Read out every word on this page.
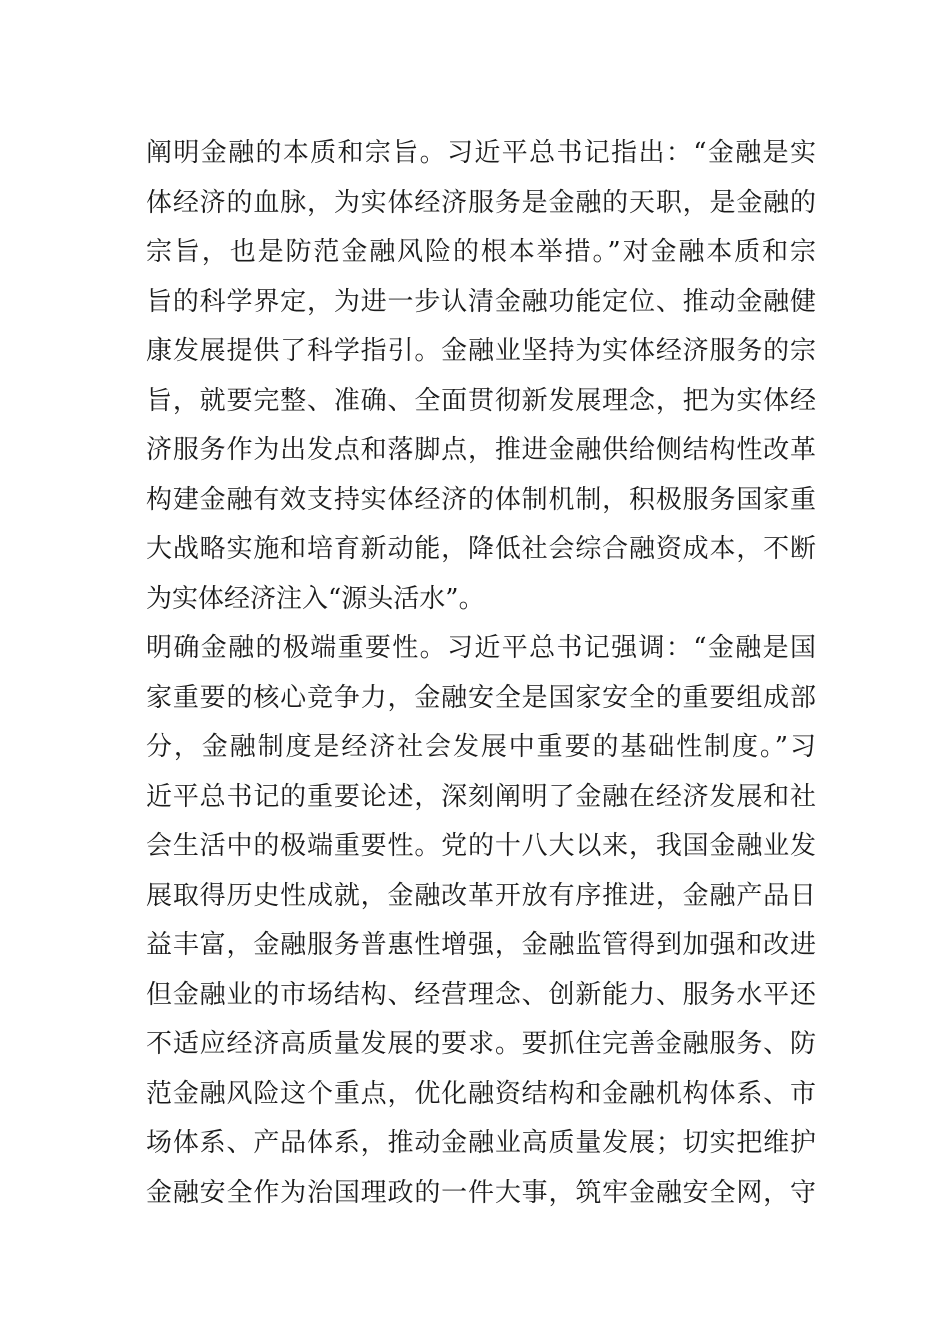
阐明金融的本质和宗旨。习近平总书记指出：“金融是实
体经济的血脉，为实体经济服务是金融的天职，是金融的
宗旨，也是防范金融风险的根本举措。”对金融本质和宗
旨的科学界定，为进一步认清金融功能定位、推动金融健
康发展提供了科学指引。金融业坚持为实体经济服务的宗
旨，就要完整、准确、全面贯彻新发展理念，把为实体经
济服务作为出发点和落脚点，推进金融供给侧结构性改革
构建金融有效支持实体经济的体制机制，积极服务国家重
大战略实施和培育新动能，降低社会综合融资成本，不断
为实体经济注入“源头活水”。
明确金融的极端重要性。习近平总书记强调：“金融是国
家重要的核心竞争力，金融安全是国家安全的重要组成部
分，金融制度是经济社会发展中重要的基础性制度。”习
近平总书记的重要论述，深刻阐明了金融在经济发展和社
会生活中的极端重要性。党的十八大以来，我国金融业发
展取得历史性成就，金融改革开放有序推进，金融产品日
益丰富，金融服务普惠性增强，金融监管得到加强和改进
但金融业的市场结构、经营理念、创新能力、服务水平还
不适应经济高质量发展的要求。要抓住完善金融服务、防
范金融风险这个重点，优化融资结构和金融机构体系、市
场体系、产品体系，推动金融业高质量发展；切实把维护
金融安全作为治国理政的一件大事，筑牢金融安全网，守
